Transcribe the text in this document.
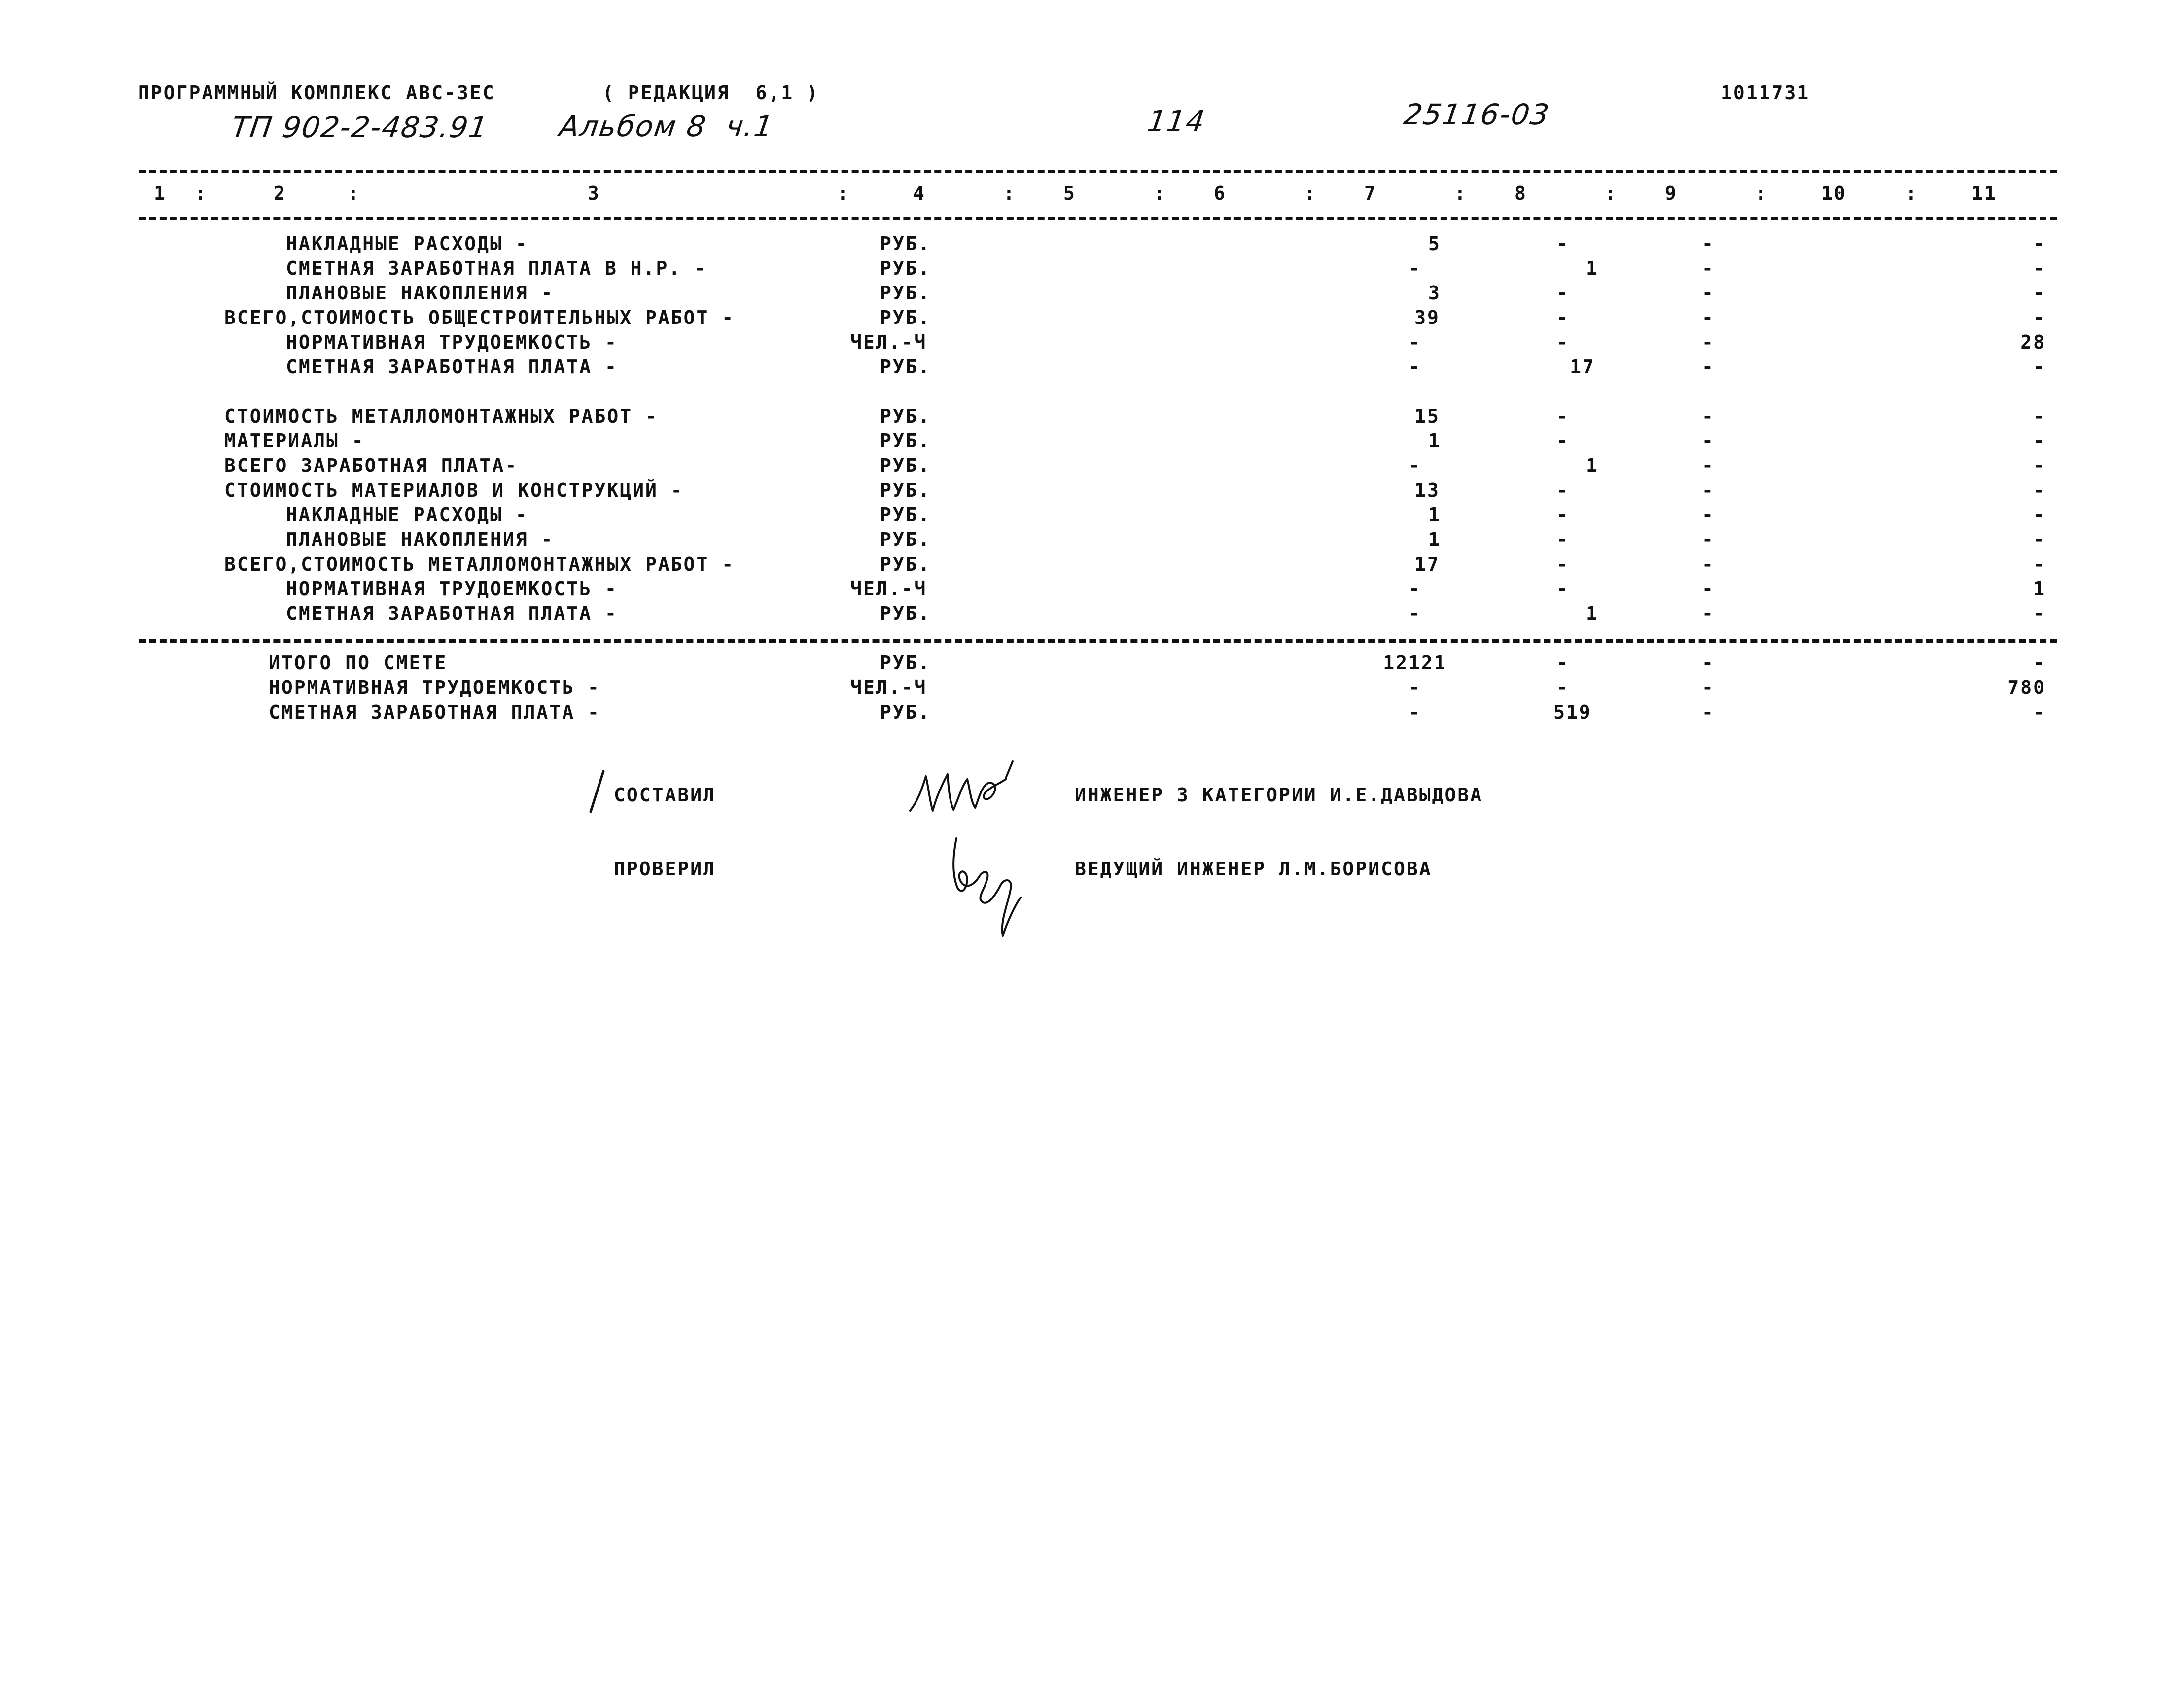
ПРОГРАММНЫЙ КОМПЛЕКС АВС-3ЕС	( РЕДАКЦИЯ  6,1 )	1011731
ТП 902-2-483.91 Альбом 8  ч.1	114	25116-03
1	2	3	4	5	6	7	8	9	10	11
:	:	:	:	:	:	:	:	:	:
НАКЛАДНЫЕ РАСХОДЫ -	РУБ.	5	-	-	-
СМЕТНАЯ ЗАРАБОТНАЯ ПЛАТА В Н.Р. -	РУБ.	-	1	-	-
ПЛАНОВЫЕ НАКОПЛЕНИЯ -	РУБ.	3	-	-	-
ВСЕГО,СТОИМОСТЬ ОБЩЕСТРОИТЕЛЬНЫХ РАБОТ -	РУБ.	39	-	-	-
НОРМАТИВНАЯ ТРУДОЕМКОСТЬ -	ЧЕЛ.-Ч	-	-	-	28
СМЕТНАЯ ЗАРАБОТНАЯ ПЛАТА -	РУБ.	-	17	-	-
СТОИМОСТЬ МЕТАЛЛОМОНТАЖНЫХ РАБОТ -	РУБ.	15	-	-	-
МАТЕРИАЛЫ -	РУБ.	1	-	-	-
ВСЕГО ЗАРАБОТНАЯ ПЛАТА-	РУБ.	-	1	-	-
СТОИМОСТЬ МАТЕРИАЛОВ И КОНСТРУКЦИЙ -	РУБ.	13	-	-	-
НАКЛАДНЫЕ РАСХОДЫ -	РУБ.	1	-	-	-
ПЛАНОВЫЕ НАКОПЛЕНИЯ -	РУБ.	1	-	-	-
ВСЕГО,СТОИМОСТЬ МЕТАЛЛОМОНТАЖНЫХ РАБОТ -	РУБ.	17	-	-	-
НОРМАТИВНАЯ ТРУДОЕМКОСТЬ -	ЧЕЛ.-Ч	-	-	-	1
СМЕТНАЯ ЗАРАБОТНАЯ ПЛАТА -	РУБ.	-	1	-	-
ИТОГО ПО СМЕТЕ	РУБ.	12121	-	-	-
НОРМАТИВНАЯ ТРУДОЕМКОСТЬ -	ЧЕЛ.-Ч	-	-	-	780
СМЕТНАЯ ЗАРАБОТНАЯ ПЛАТА -	РУБ.	-	519	-	-
СОСТАВИЛ	ИНЖЕНЕР 3 КАТЕГОРИИ И.Е.ДАВЫДОВА
ПРОВЕРИЛ	ВЕДУЩИЙ ИНЖЕНЕР Л.М.БОРИСОВА
